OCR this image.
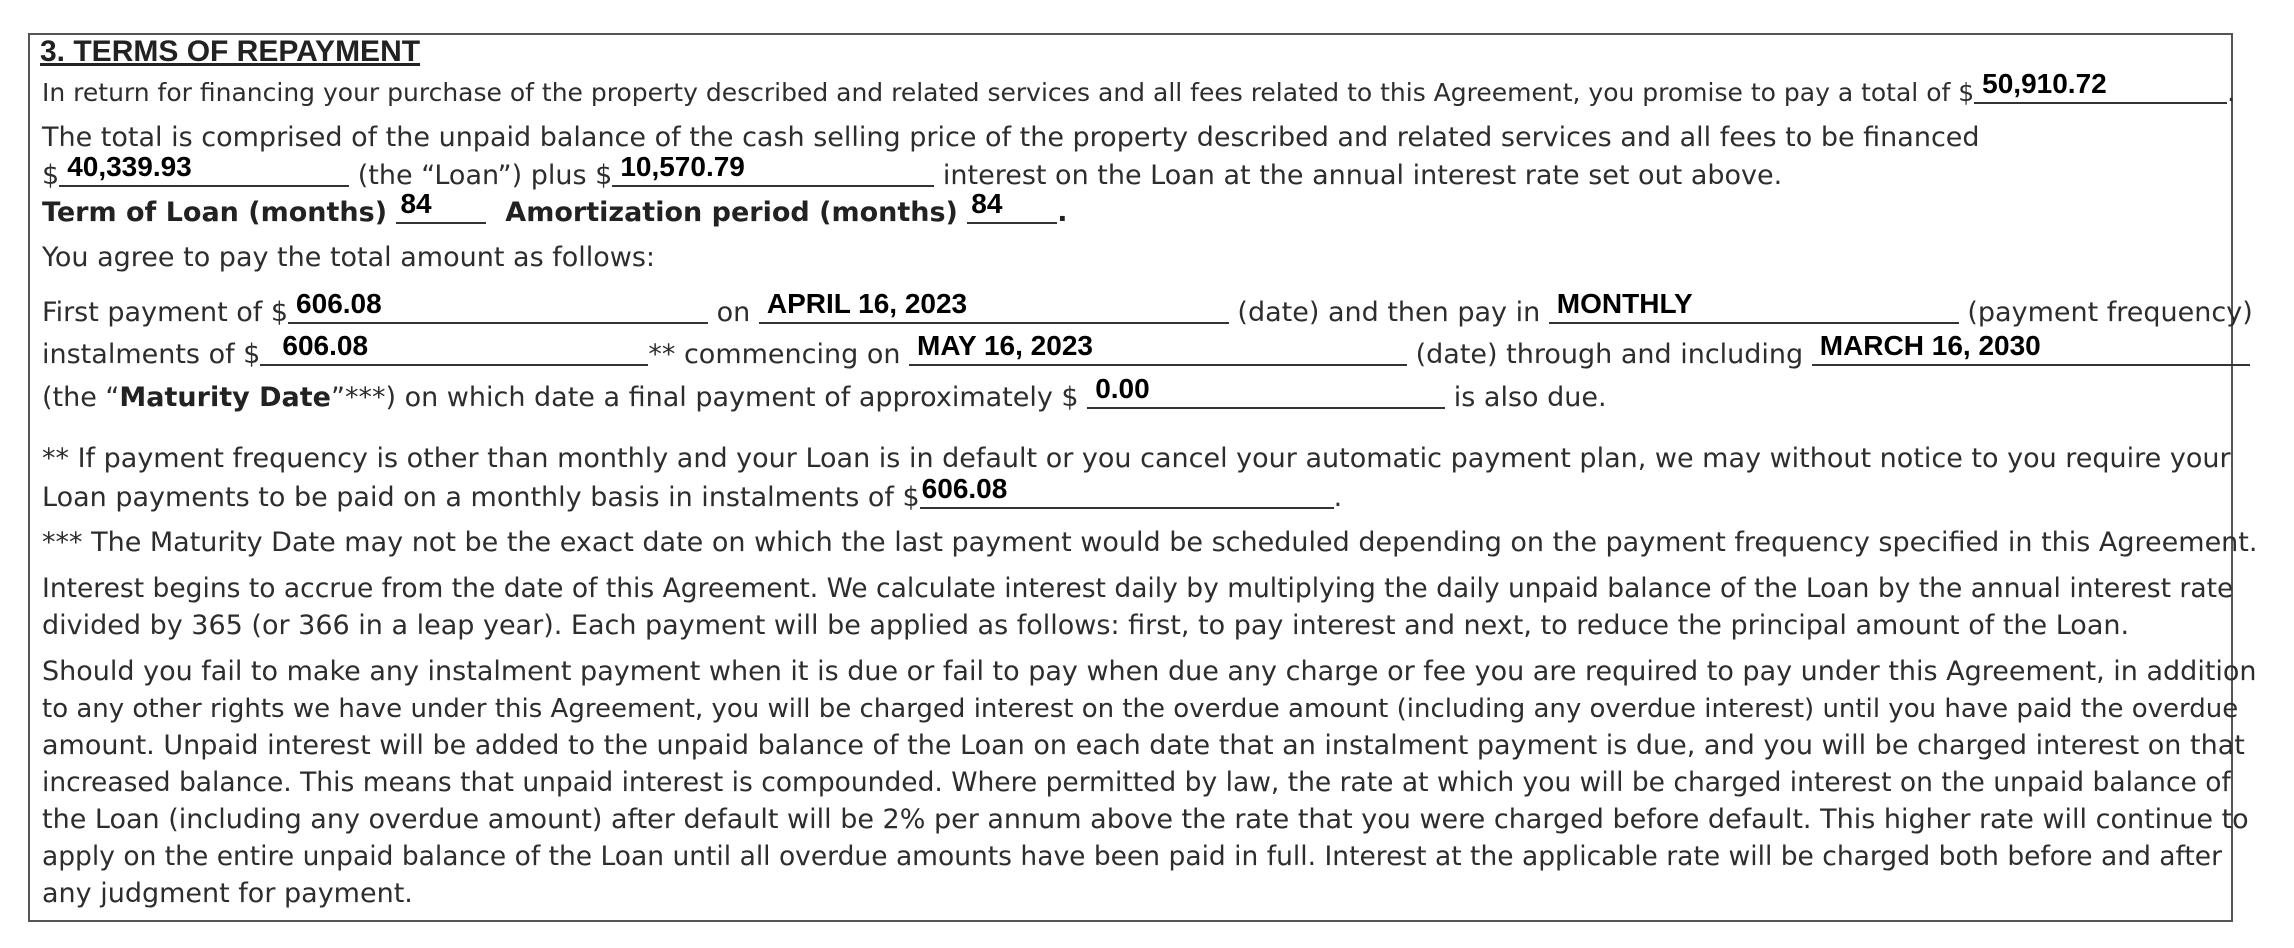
3. TERMS OF REPAYMENT
In return for financing your purchase of the property described and related services and all fees related to this Agreement, you promise to pay a total of $ 50,910.72	.
The total is comprised of the unpaid balance of the cash selling price of the property described and related services and all fees to be financed
$ 40,339.93	(the “Loan”) plus $ 10,570.79	interest on the Loan at the annual interest rate set out above.
Term of Loan (months) 84	Amortization period (months) 84 .
You agree to pay the total amount as follows:
First payment of $ 606.08	on APRIL 16, 2023	(date) and then pay in MONTHLY	(payment frequency)
instalments of $ 606.08	** commencing on MAY 16, 2023	(date) through and including MARCH 16, 2030
(the “Maturity Date”***) on which date a final payment of approximately $ 0.00	is also due.
** If payment frequency is other than monthly and your Loan is in default or you cancel your automatic payment plan, we may without notice to you require your
Loan payments to be paid on a monthly basis in instalments of $ 606.08	.
*** The Maturity Date may not be the exact date on which the last payment would be scheduled depending on the payment frequency specified in this Agreement.
Interest begins to accrue from the date of this Agreement. We calculate interest daily by multiplying the daily unpaid balance of the Loan by the annual interest rate
divided by 365 (or 366 in a leap year). Each payment will be applied as follows: first, to pay interest and next, to reduce the principal amount of the Loan.
Should you fail to make any instalment payment when it is due or fail to pay when due any charge or fee you are required to pay under this Agreement, in addition
to any other rights we have under this Agreement, you will be charged interest on the overdue amount (including any overdue interest) until you have paid the overdue
amount. Unpaid interest will be added to the unpaid balance of the Loan on each date that an instalment payment is due, and you will be charged interest on that
increased balance. This means that unpaid interest is compounded. Where permitted by law, the rate at which you will be charged interest on the unpaid balance of
the Loan (including any overdue amount) after default will be 2% per annum above the rate that you were charged before default. This higher rate will continue to
apply on the entire unpaid balance of the Loan until all overdue amounts have been paid in full. Interest at the applicable rate will be charged both before and after
any judgment for payment.
